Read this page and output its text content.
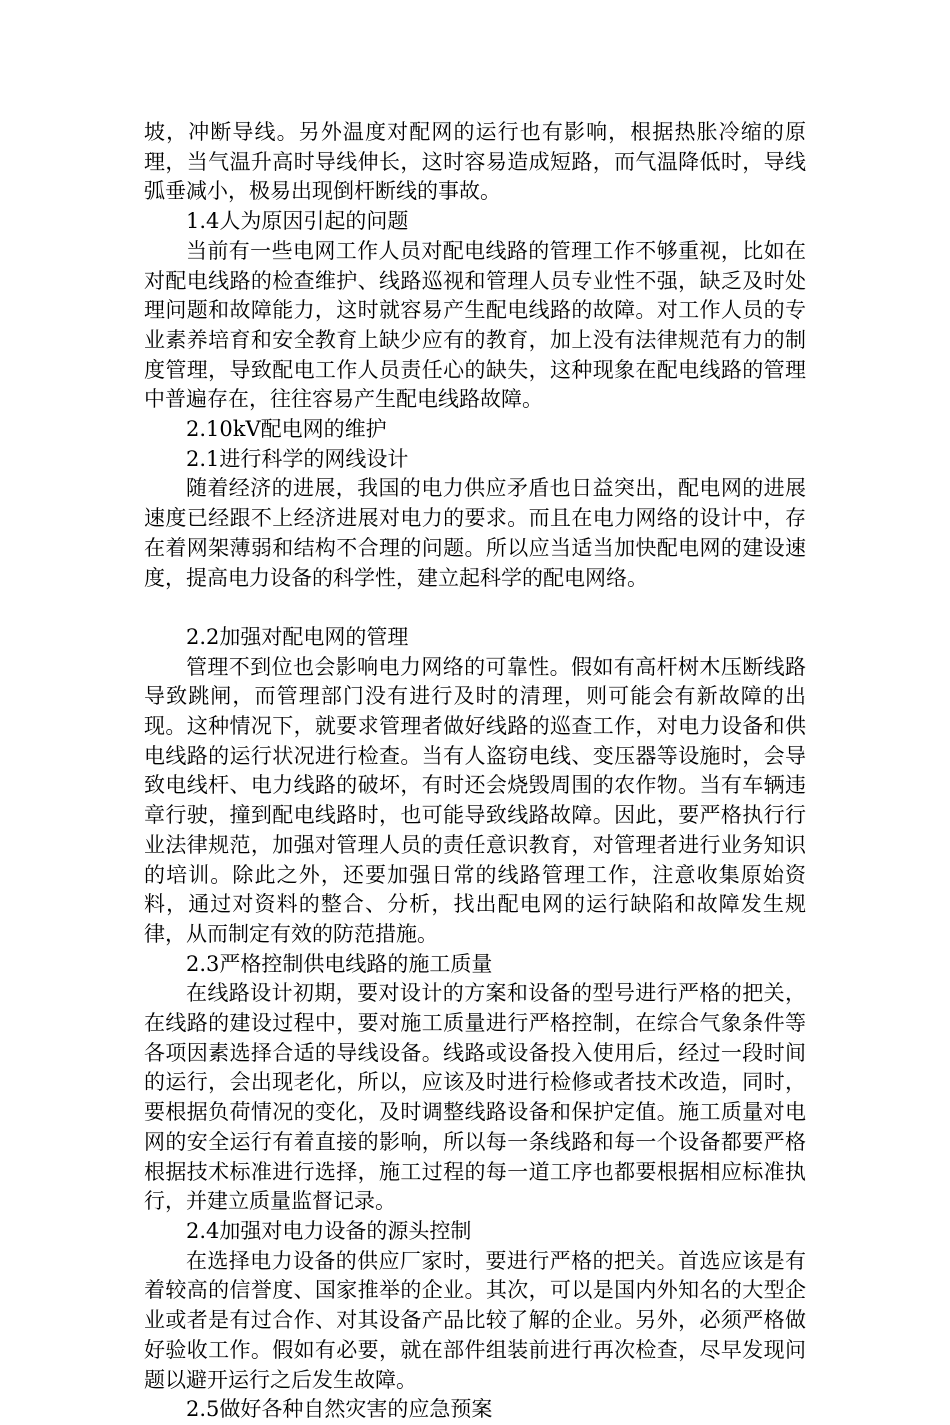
坡，冲断导线。另外温度对配网的运行也有影响，根据热胀冷缩的原理，当气温升高时导线伸长，这时容易造成短路，而气温降低时，导线弧垂减小，极易出现倒杆断线的事故。

1.4人为原因引起的问题

当前有一些电网工作人员对配电线路的管理工作不够重视，比如在对配电线路的检查维护、线路巡视和管理人员专业性不强，缺乏及时处理问题和故障能力，这时就容易产生配电线路的故障。对工作人员的专业素养培育和安全教育上缺少应有的教育，加上没有法律规范有力的制度管理，导致配电工作人员责任心的缺失，这种现象在配电线路的管理中普遍存在，往往容易产生配电线路故障。

2.10kV配电网的维护

2.1进行科学的网线设计

随着经济的进展，我国的电力供应矛盾也日益突出，配电网的进展速度已经跟不上经济进展对电力的要求。而且在电力网络的设计中，存在着网架薄弱和结构不合理的问题。所以应当适当加快配电网的建设速度，提高电力设备的科学性，建立起科学的配电网络。

2.2加强对配电网的管理

管理不到位也会影响电力网络的可靠性。假如有高杆树木压断线路导致跳闸，而管理部门没有进行及时的清理，则可能会有新故障的出现。这种情况下，就要求管理者做好线路的巡查工作，对电力设备和供电线路的运行状况进行检查。当有人盗窃电线、变压器等设施时，会导致电线杆、电力线路的破坏，有时还会烧毁周围的农作物。当有车辆违章行驶，撞到配电线路时，也可能导致线路故障。因此，要严格执行行业法律规范，加强对管理人员的责任意识教育，对管理者进行业务知识的培训。除此之外，还要加强日常的线路管理工作，注意收集原始资料，通过对资料的整合、分析，找出配电网的运行缺陷和故障发生规律，从而制定有效的防范措施。

2.3严格控制供电线路的施工质量

在线路设计初期，要对设计的方案和设备的型号进行严格的把关，在线路的建设过程中，要对施工质量进行严格控制，在综合气象条件等各项因素选择合适的导线设备。线路或设备投入使用后，经过一段时间的运行，会出现老化，所以，应该及时进行检修或者技术改造，同时，要根据负荷情况的变化，及时调整线路设备和保护定值。施工质量对电网的安全运行有着直接的影响，所以每一条线路和每一个设备都要严格根据技术标准进行选择，施工过程的每一道工序也都要根据相应标准执行，并建立质量监督记录。

2.4加强对电力设备的源头控制

在选择电力设备的供应厂家时，要进行严格的把关。首选应该是有着较高的信誉度、国家推举的企业。其次，可以是国内外知名的大型企业或者是有过合作、对其设备产品比较了解的企业。另外，必须严格做好验收工作。假如有必要，就在部件组装前进行再次检查，尽早发现问题以避开运行之后发生故障。

2.5做好各种自然灾害的应急预案
